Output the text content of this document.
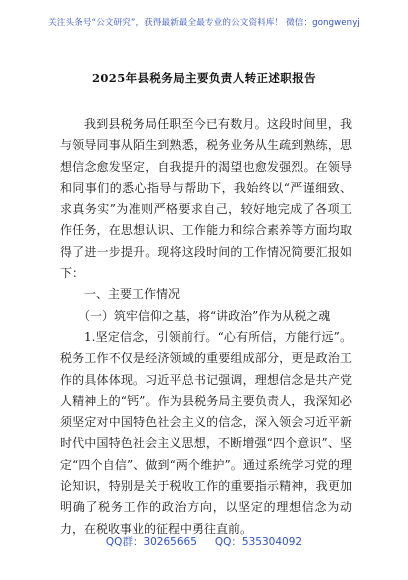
关注头条号“公文研究”，获得最新最全最专业的公文资料库！ 微信：gongwenyj
2025年县税务局主要负责人转正述职报告

我到县税务局任职至今已有数月。这段时间里，我与领导同事从陌生到熟悉，税务业务从生疏到熟练，思想信念愈发坚定，自我提升的渴望也愈发强烈。在领导和同事们的悉心指导与帮助下，我始终以“严谨细致、求真务实”为准则严格要求自己，较好地完成了各项工作任务，在思想认识、工作能力和综合素养等方面均取得了进一步提升。现将这段时间的工作情况简要汇报如下：

一、主要工作情况

（一）筑牢信仰之基，将“讲政治”作为从税之魂

1.坚定信念，引领前行。“心有所信，方能行远”。税务工作不仅是经济领域的重要组成部分，更是政治工作的具体体现。习近平总书记强调，理想信念是共产党人精神上的“钙”。作为县税务局主要负责人，我深知必须坚定对中国特色社会主义的信念，深入领会习近平新时代中国特色社会主义思想，不断增强“四个意识”、坚定“四个自信”、做到“两个维护”。通过系统学习党的理论知识，特别是关于税收工作的重要指示精神，我更加明确了税务工作的政治方向，以坚定的理想信念为动力，在税收事业的征程中勇往直前。

QQ群：30265665 QQ：535304092
